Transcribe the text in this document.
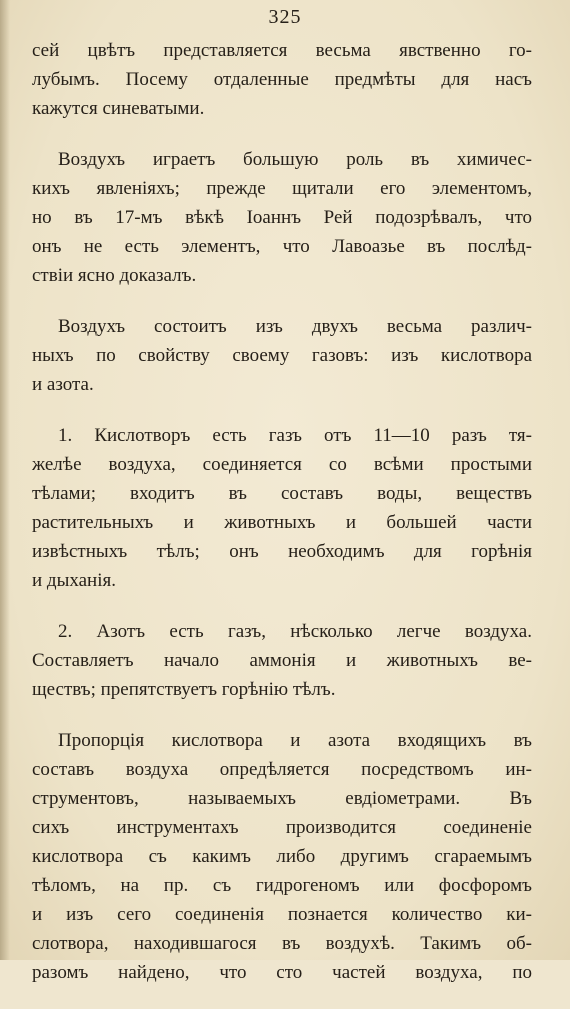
325

сей цвѣтъ представляется весьма явственно го-
лубымъ. Посему отдаленные предмѣты для насъ
кажутся синеватыми.

Воздухъ играетъ большую роль въ химичес-
кихъ явленіяхъ; прежде щитали его элементомъ,
но въ 17-мъ вѣкѣ Іоаннъ Рей подозрѣвалъ, что
онъ не есть элементъ, что Лавоазье въ послѣд-
ствіи ясно доказалъ.

Воздухъ состоитъ изъ двухъ весьма различ-
ныхъ по свойству своему газовъ: изъ кислотвора
и азота.

1. Кислотворъ есть газъ отъ 11—10 разъ тя-
желѣе воздуха, соединяется со всѣми простыми
тѣлами; входитъ въ составъ воды, веществъ
растительныхъ и животныхъ и большей части
извѣстныхъ тѣлъ; онъ необходимъ для горѣнія
и дыханія.

2. Азотъ есть газъ, нѣсколько легче воздуха.
Составляетъ начало аммонія и животныхъ ве-
ществъ; препятствуетъ горѣнію тѣлъ.

Пропорція кислотвора и азота входящихъ въ
составъ воздуха опредѣляется посредствомъ ин-
струментовъ, называемыхъ евдіометрами. Въ
сихъ инструментахъ производится соединеніе
кислотвора съ какимъ либо другимъ сгараемымъ
тѣломъ, на пр. съ гидрогеномъ или фосфоромъ
и изъ сего соединенія познается количество ки-
слотвора, находившагося въ воздухѣ. Такимъ об-
разомъ найдено, что сто частей воздуха, по
